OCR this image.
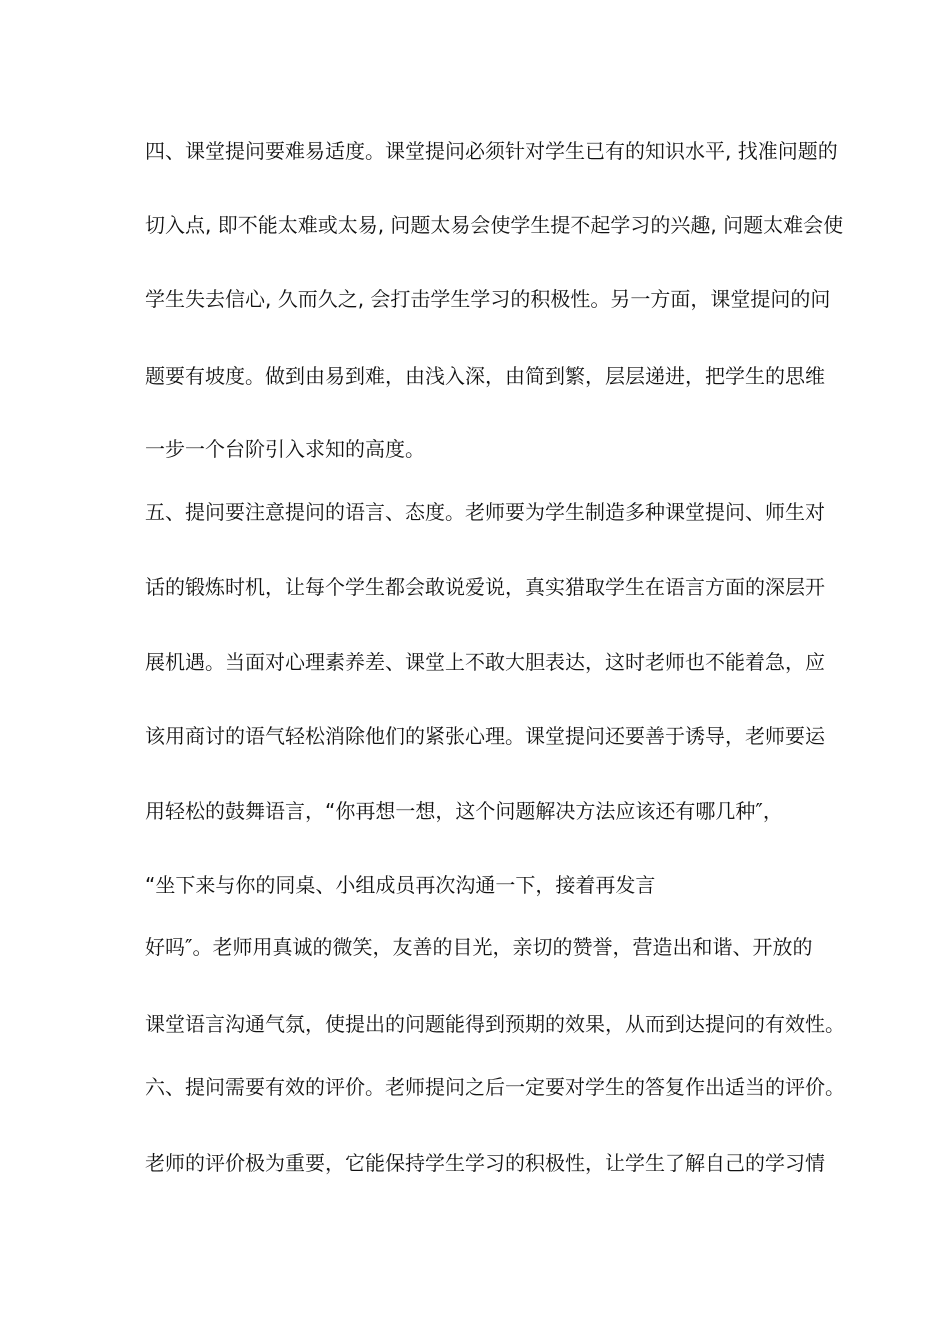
四、课堂提问要难易适度。课堂提问必须针对学生已有的知识水平, 找准问题的
切入点, 即不能太难或太易, 问题太易会使学生提不起学习的兴趣, 问题太难会使
学生失去信心, 久而久之, 会打击学生学习的积极性。另一方面，课堂提问的问
题要有坡度。做到由易到难，由浅入深，由简到繁，层层递进，把学生的思维
一步一个台阶引入求知的高度。
五、提问要注意提问的语言、态度。老师要为学生制造多种课堂提问、师生对
话的锻炼时机，让每个学生都会敢说爱说，真实猎取学生在语言方面的深层开
展机遇。当面对心理素养差、课堂上不敢大胆表达，这时老师也不能着急，应
该用商讨的语气轻松消除他们的紧张心理。课堂提问还要善于诱导，老师要运
用轻松的鼓舞语言，“你再想一想，这个问题解决方法应该还有哪几种″，
“坐下来与你的同桌、小组成员再次沟通一下，接着再发言
好吗″。老师用真诚的微笑，友善的目光，亲切的赞誉，营造出和谐、开放的
课堂语言沟通气氛，使提出的问题能得到预期的效果，从而到达提问的有效性。
六、提问需要有效的评价。老师提问之后一定要对学生的答复作出适当的评价。
老师的评价极为重要，它能保持学生学习的积极性，让学生了解自己的学习情
